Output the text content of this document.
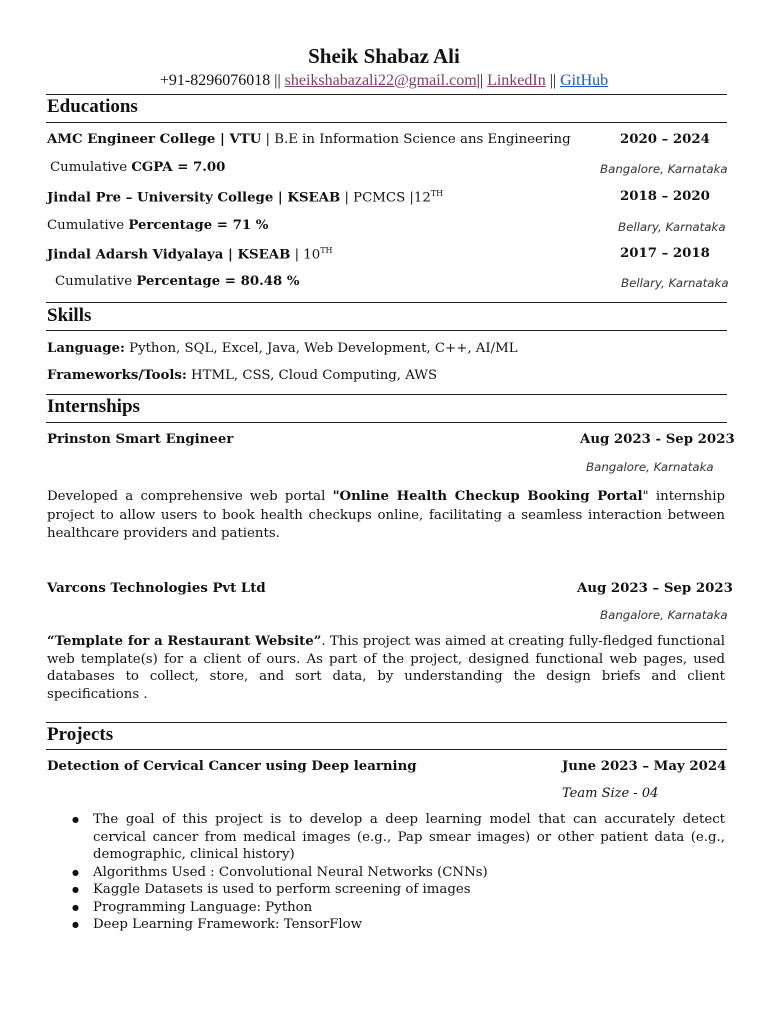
Sheik Shabaz Ali
+91-8296076018 || sheikshabazali22@gmail.com|| LinkedIn || GitHub
Educations
AMC Engineer College | VTU | B.E in Information Science ans Engineering	2020 – 2024
Cumulative CGPA = 7.00	Bangalore, Karnataka
Jindal Pre – University College | KSEAB | PCMCS |12TH	2018 – 2020
Cumulative Percentage = 71 %	Bellary, Karnataka
Jindal Adarsh Vidyalaya | KSEAB | 10TH	2017 – 2018
Cumulative Percentage = 80.48 %	Bellary, Karnataka
Skills
Language: Python, SQL, Excel, Java, Web Development, C++, AI/ML
Frameworks/Tools: HTML, CSS, Cloud Computing, AWS
Internships
Prinston Smart Engineer	Aug 2023 - Sep 2023
Bangalore, Karnataka
Developed a comprehensive web portal "Online Health Checkup Booking Portal" internship project to allow users to book health checkups online, facilitating a seamless interaction between healthcare providers and patients.
Varcons Technologies Pvt Ltd	Aug 2023 – Sep 2023
Bangalore, Karnataka
“Template for a Restaurant Website”. This project was aimed at creating fully-fledged functional web template(s) for a client of ours. As part of the project, designed functional web pages, used databases to collect, store, and sort data, by understanding the design briefs and client specifications .
Projects
Detection of Cervical Cancer using Deep learning	June 2023 – May 2024
Team Size - 04
● The goal of this project is to develop a deep learning model that can accurately detect cervical cancer from medical images (e.g., Pap smear images) or other patient data (e.g., demographic, clinical history)
● Algorithms Used : Convolutional Neural Networks (CNNs)
● Kaggle Datasets is used to perform screening of images
● Programming Language: Python
● Deep Learning Framework: TensorFlow
